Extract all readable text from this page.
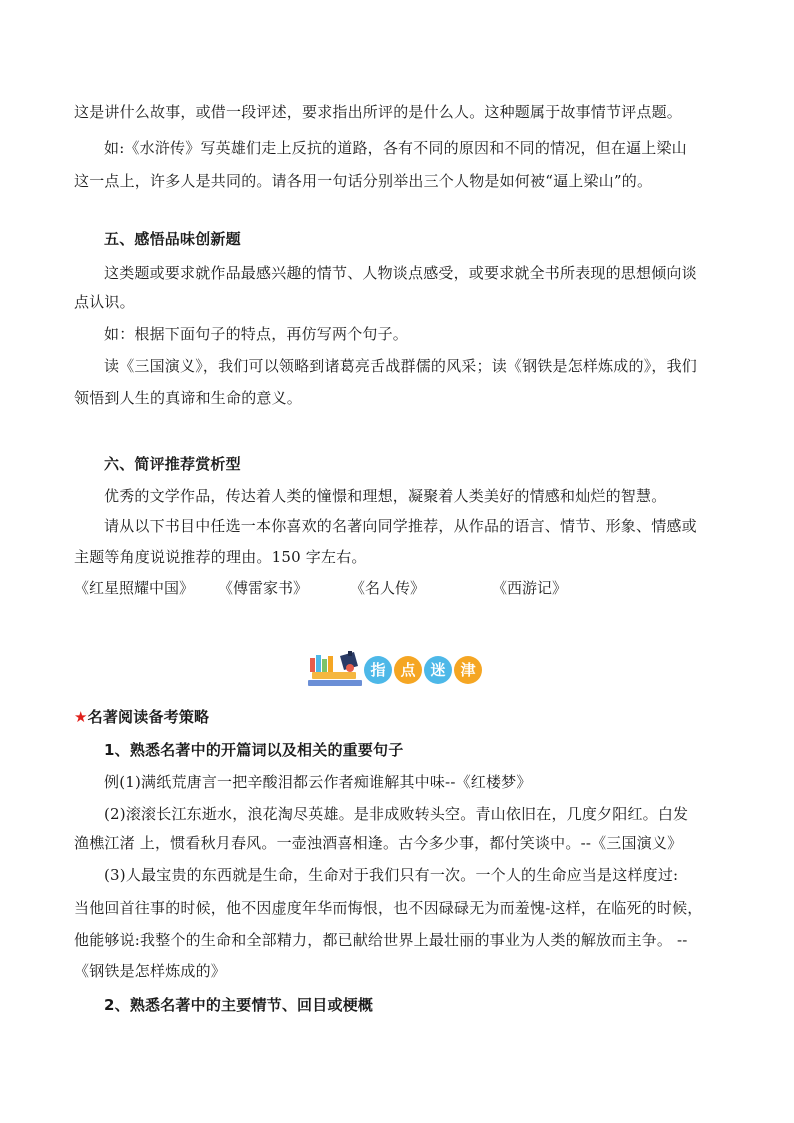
这是讲什么故事，或借一段评述，要求指出所评的是什么人。这种题属于故事情节评点题。
如:《水浒传》写英雄们走上反抗的道路，各有不同的原因和不同的情况，但在逼上梁山
这一点上，许多人是共同的。请各用一句话分别举出三个人物是如何被“逼上梁山”的。
五、感悟品味创新题
这类题或要求就作品最感兴趣的情节、人物谈点感受，或要求就全书所表现的思想倾向谈
点认识。
如：根据下面句子的特点，再仿写两个句子。
读《三国演义》，我们可以领略到诸葛亮舌战群儒的风采；读《钢铁是怎样炼成的》，我们
领悟到人生的真谛和生命的意义。
六、简评推荐赏析型
优秀的文学作品，传达着人类的憧憬和理想，凝聚着人类美好的情感和灿烂的智慧。
请从以下书目中任选一本你喜欢的名著向同学推荐，从作品的语言、情节、形象、情感或
主题等角度说说推荐的理由。150 字左右。
《红星照耀中国》 《傅雷家书》	《名人传》	《西游记》
指 点 迷 津
★名著阅读备考策略
1、熟悉名著中的开篇词以及相关的重要句子
例(1)满纸荒唐言一把辛酸泪都云作者痴谁解其中味--《红楼梦》
(2)滚滚长江东逝水，浪花淘尽英雄。是非成败转头空。青山依旧在，几度夕阳红。白发
渔樵江渚 上，惯看秋月春风。一壶浊酒喜相逢。古今多少事，都付笑谈中。--《三国演义》
(3)人最宝贵的东西就是生命，生命对于我们只有一次。一个人的生命应当是这样度过:
当他回首往事的时候，他不因虚度年华而悔恨，也不因碌碌无为而羞愧-这样，在临死的时候，
他能够说:我整个的生命和全部精力，都已献给世界上最壮丽的事业为人类的解放而主争。 --
《钢铁是怎样炼成的》
2、熟悉名著中的主要情节、回目或梗概
